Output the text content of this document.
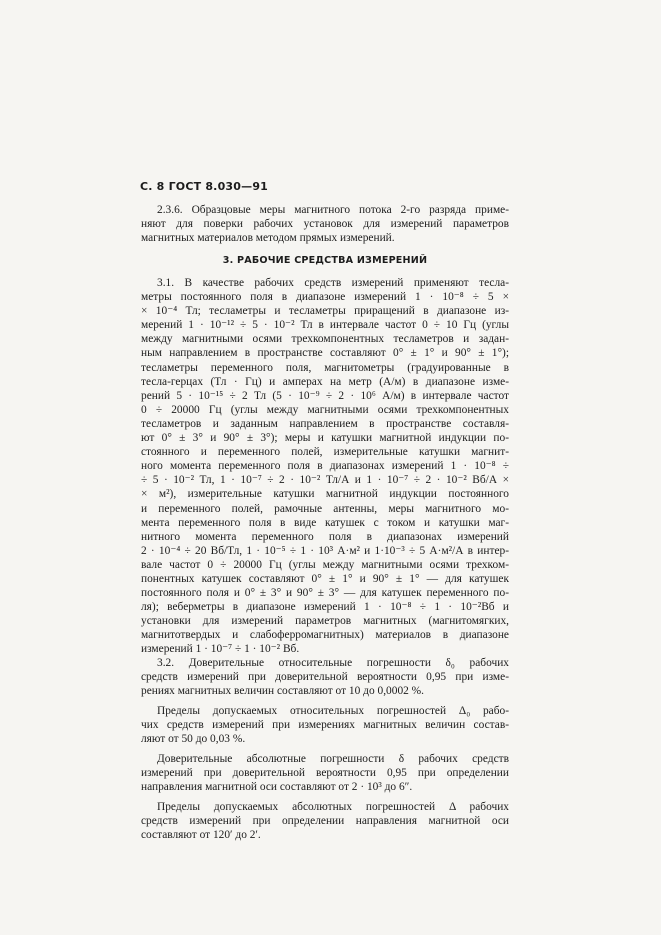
С. 8 ГОСТ 8.030—91
2.3.6. Образцовые меры магнитного потока 2-го разряда приме-
няют для поверки рабочих установок для измерений параметров
магнитных материалов методом прямых измерений.
3. РАБОЧИЕ СРЕДСТВА ИЗМЕРЕНИЙ
3.1. В качестве рабочих средств измерений применяют тесла-
метры постоянного поля в диапазоне измерений 1 · 10⁻⁸ ÷ 5 ×
× 10⁻⁴ Тл; тесламетры и тесламетры приращений в диапазоне из-
мерений 1 · 10⁻¹² ÷ 5 · 10⁻² Тл в интервале частот 0 ÷ 10 Гц (углы
между магнитными осями трехкомпонентных тесламетров и задан-
ным направлением в пространстве составляют 0° ± 1° и 90° ± 1°);
тесламетры переменного поля, магнитометры (градуированные в
тесла-герцах (Тл · Гц) и амперах на метр (А/м) в диапазоне изме-
рений 5 · 10⁻¹⁵ ÷ 2 Тл (5 · 10⁻⁹ ÷ 2 · 10⁶ А/м) в интервале частот
0 ÷ 20000 Гц (углы между магнитными осями трехкомпонентных
тесламетров и заданным направлением в пространстве составля-
ют 0° ± 3° и 90° ± 3°); меры и катушки магнитной индукции по-
стоянного и переменного полей, измерительные катушки магнит-
ного момента переменного поля в диапазонах измерений 1 · 10⁻⁸ ÷
÷ 5 · 10⁻² Тл, 1 · 10⁻⁷ ÷ 2 · 10⁻² Тл/А и 1 · 10⁻⁷ ÷ 2 · 10⁻² Вб/А ×
× м²), измерительные катушки магнитной индукции постоянного
и переменного полей, рамочные антенны, меры магнитного мо-
мента переменного поля в виде катушек с током и катушки маг-
нитного момента переменного поля в диапазонах измерений
2 · 10⁻⁴ ÷ 20 Вб/Тл, 1 · 10⁻⁵ ÷ 1 · 10³ А·м² и 1·10⁻³ ÷ 5 А·м²/А в интер-
вале частот 0 ÷ 20000 Гц (углы между магнитными осями трехком-
понентных катушек составляют 0° ± 1° и 90° ± 1° — для катушек
постоянного поля и 0° ± 3° и 90° ± 3° — для катушек переменного по-
ля); веберметры в диапазоне измерений 1 · 10⁻⁸ ÷ 1 · 10⁻²Вб и
установки для измерений параметров магнитных (магнитомягких,
магнитотвердых и слабоферромагнитных) материалов в диапазоне
измерений 1 · 10⁻⁷ ÷ 1 · 10⁻² Вб.
3.2. Доверительные относительные погрешности δ₀ рабочих
средств измерений при доверительной вероятности 0,95 при изме-
рениях магнитных величин составляют от 10 до 0,0002 %.
Пределы допускаемых относительных погрешностей Δ₀ рабо-
чих средств измерений при измерениях магнитных величин состав-
ляют от 50 до 0,03 %.
Доверительные абсолютные погрешности δ рабочих средств
измерений при доверительной вероятности 0,95 при определении
направления магнитной оси составляют от 2 · 10³ до 6″.
Пределы допускаемых абсолютных погрешностей Δ рабочих
средств измерений при определении направления магнитной оси
составляют от 120′ до 2′.
